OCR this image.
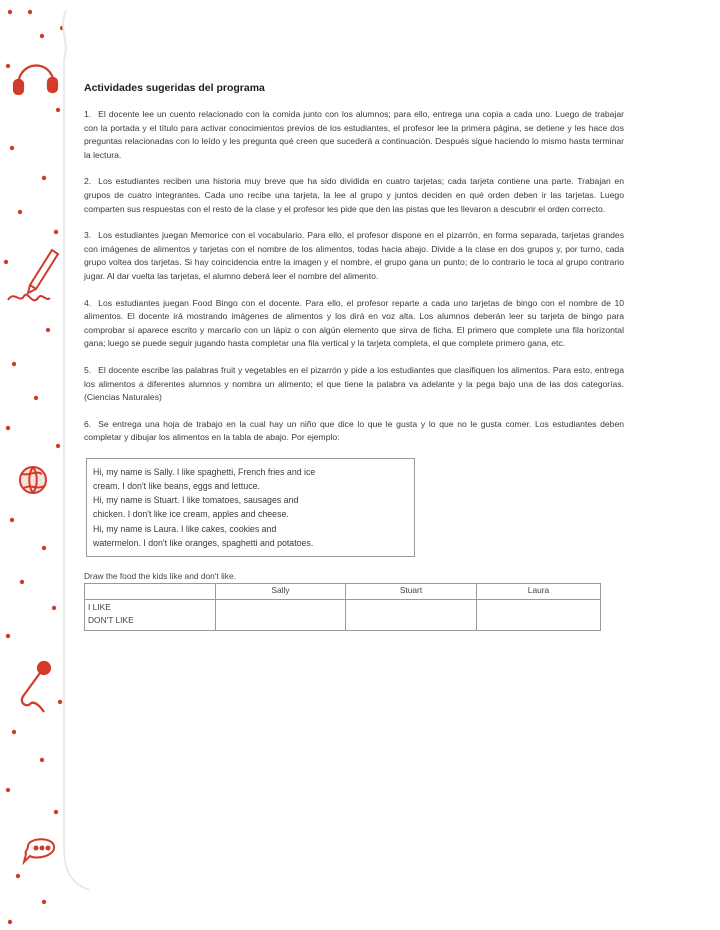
Actividades sugeridas del programa
1. El docente lee un cuento relacionado con la comida junto con los alumnos; para ello, entrega una copia a cada uno. Luego de trabajar con la portada y el título para activar conocimientos previos de los estudiantes, el profesor lee la primera página, se detiene y les hace dos preguntas relacionadas con lo leído y les pregunta qué creen que sucederá a continuación. Después sigue haciendo lo mismo hasta terminar la lectura.
2. Los estudiantes reciben una historia muy breve que ha sido dividida en cuatro tarjetas; cada tarjeta contiene una parte. Trabajan en grupos de cuatro integrantes. Cada uno recibe una tarjeta, la lee al grupo y juntos deciden en qué orden deben ir las tarjetas. Luego comparten sus respuestas con el resto de la clase y el profesor les pide que den las pistas que les llevaron a descubrir el orden correcto.
3. Los estudiantes juegan Memorice con el vocabulario. Para ello, el profesor dispone en el pizarrón, en forma separada, tarjetas grandes con imágenes de alimentos y tarjetas con el nombre de los alimentos, todas hacia abajo. Divide a la clase en dos grupos y, por turno, cada grupo voltea dos tarjetas. Si hay coincidencia entre la imagen y el nombre, el grupo gana un punto; de lo contrario le toca al grupo contrario jugar. Al dar vuelta las tarjetas, el alumno deberá leer el nombre del alimento.
4. Los estudiantes juegan Food Bingo con el docente. Para ello, el profesor reparte a cada uno tarjetas de bingo con el nombre de 10 alimentos. El docente irá mostrando imágenes de alimentos y los dirá en voz alta. Los alumnos deberán leer su tarjeta de bingo para comprobar si aparece escrito y marcarlo con un lápiz o con algún elemento que sirva de ficha. El primero que complete una fila horizontal gana; luego se puede seguir jugando hasta completar una fila vertical y la tarjeta completa, el que complete primero gana, etc.
5. El docente escribe las palabras fruit y vegetables en el pizarrón y pide a los estudiantes que clasifiquen los alimentos. Para esto, entrega los alimentos a diferentes alumnos y nombra un alimento; el que tiene la palabra va adelante y la pega bajo una de las dos categorías. (Ciencias Naturales)
6. Se entrega una hoja de trabajo en la cual hay un niño que dice lo que le gusta y lo que no le gusta comer. Los estudiantes deben completar y dibujar los alimentos en la tabla de abajo. Por ejemplo:
Hi, my name is Sally. I like spaghetti, French fries and ice
cream. I don't like beans, eggs and lettuce.
Hi, my name is Stuart. I like tomatoes, sausages and
chicken. I don't like ice cream, apples and cheese.
Hi, my name is Laura. I like cakes, cookies and
watermelon. I don't like oranges, spaghetti and potatoes.
Draw the food the kids like and don't like.
	Sally	Stuart	Laura

I LIKE
DON'T LIKE			
